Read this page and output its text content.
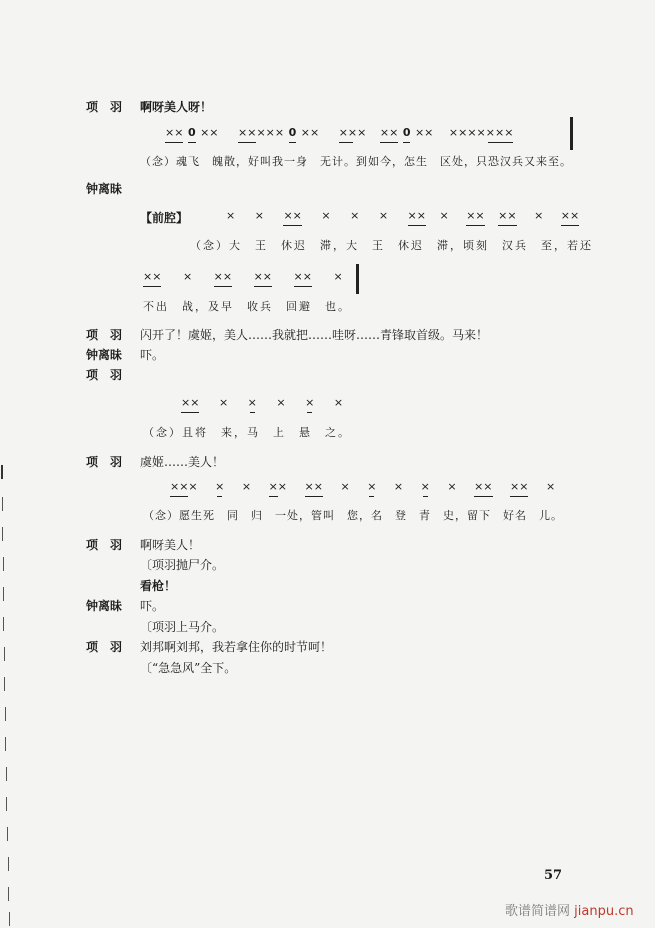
项　羽 啊呀美人呀！
×× 0 ×× ××××× 0 ×× ××× ×× 0 ×× ×××××××
（念）魂飞　魄散，好叫我一身　无计。到如今，怎生　区处，只恐汉兵又来至。
钟离昧
【前腔】	× × ×× × × × ×× × ×× ×× × ××
（念）大　王　休迟　滞，大　王　休迟　滞，顷刻　汉兵　至，若还
×× × ×× ×× ×× ×
不出　战，及早　收兵　回避　也。
项　羽 闪开了！虞姬，美人……我就把……哇呀……青锋取首级。马来！
钟离昧 吓。
项　羽
×× × × × × ×
（念）且将　来，马　上　悬　之。
项　羽 虞姬……美人！
××× × × ×× ×× × × × × × ×× ×× ×
（念）愿生死　同　归　一处，管叫　您，名　登　青　史，留下　好名　儿。
项　羽 啊呀美人！
〔项羽抛尸介。
看枪！
钟离昧 吓。
〔项羽上马介。
项　羽 刘邦啊刘邦，我若拿住你的时节呵！
〔“急急风”全下。
57
歌谱简谱网 jianpu.cn
